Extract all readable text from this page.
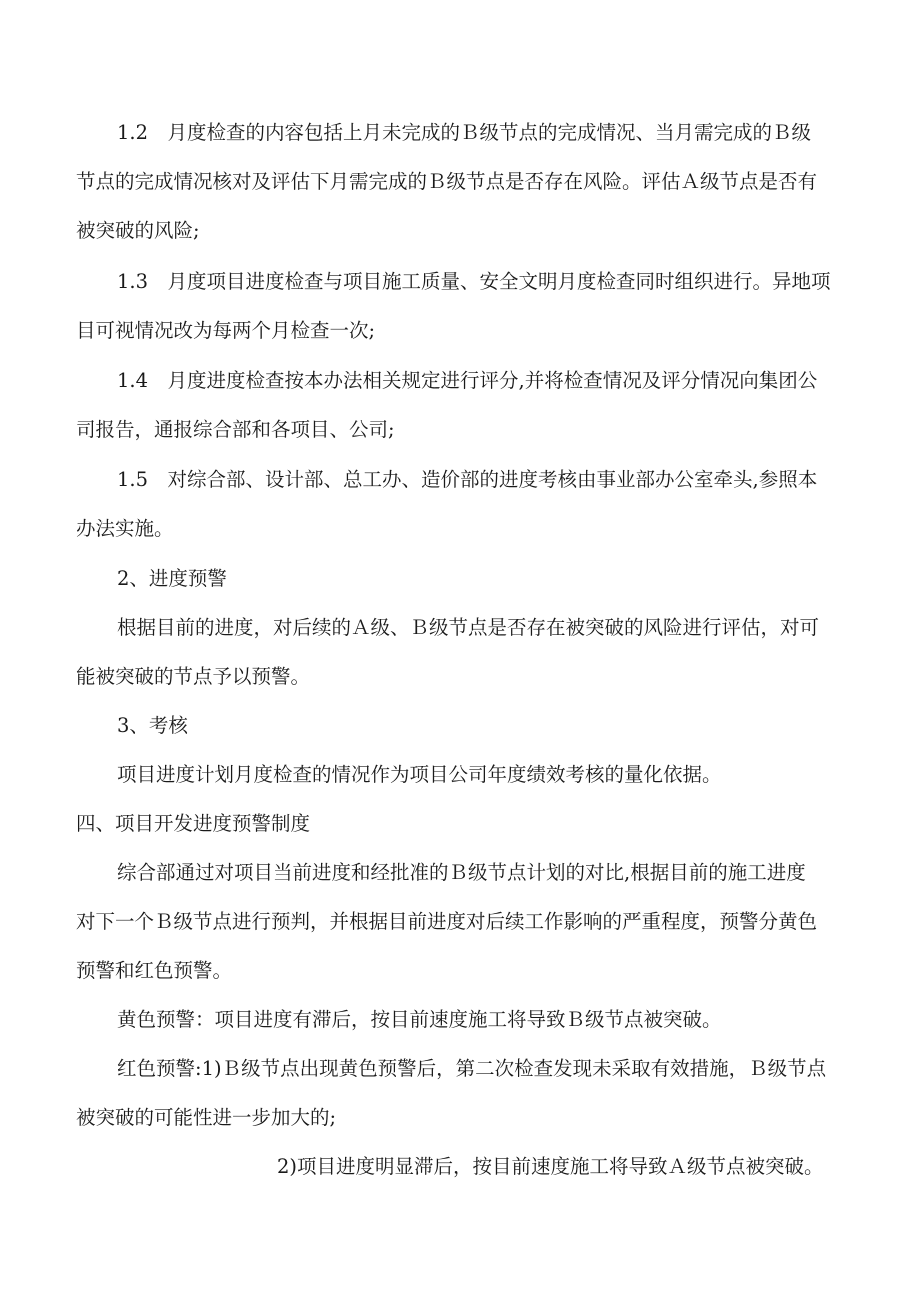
1.2　月度检查的内容包括上月未完成的Ｂ级节点的完成情况、当月需完成的Ｂ级
节点的完成情况核对及评估下月需完成的Ｂ级节点是否存在风险。评估Ａ级节点是否有
被突破的风险;
1.3　月度项目进度检查与项目施工质量、安全文明月度检查同时组织进行。异地项
目可视情况改为每两个月检查一次;
1.4　月度进度检查按本办法相关规定进行评分,并将检查情况及评分情况向集团公
司报告，通报综合部和各项目、公司;
1.5　对综合部、设计部、总工办、造价部的进度考核由事业部办公室牵头,参照本
办法实施。
2、进度预警
根据目前的进度，对后续的Ａ级、Ｂ级节点是否存在被突破的风险进行评估，对可
能被突破的节点予以预警。
3、考核
项目进度计划月度检查的情况作为项目公司年度绩效考核的量化依据。
四、项目开发进度预警制度
综合部通过对项目当前进度和经批准的Ｂ级节点计划的对比,根据目前的施工进度
对下一个Ｂ级节点进行预判，并根据目前进度对后续工作影响的严重程度，预警分黄色
预警和红色预警。
黄色预警：项目进度有滞后，按目前速度施工将导致Ｂ级节点被突破。
红色预警:1)Ｂ级节点出现黄色预警后，第二次检查发现未采取有效措施，Ｂ级节点
被突破的可能性进一步加大的;
2)项目进度明显滞后，按目前速度施工将导致Ａ级节点被突破。
